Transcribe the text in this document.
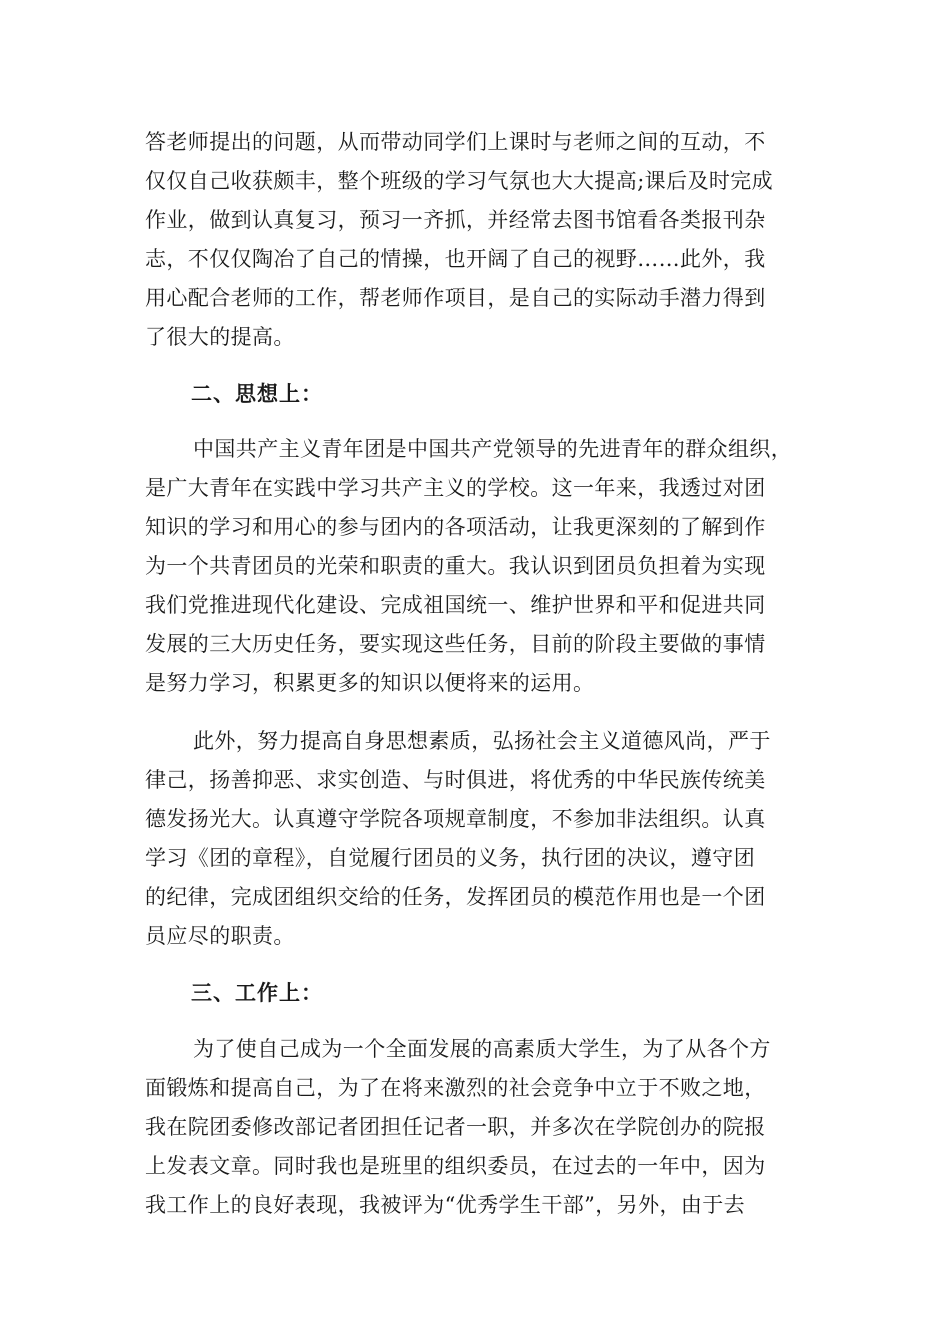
答老师提出的问题，从而带动同学们上课时与老师之间的互动，不
仅仅自己收获颇丰，整个班级的学习气氛也大大提高;课后及时完成
作业，做到认真复习，预习一齐抓，并经常去图书馆看各类报刊杂
志，不仅仅陶冶了自己的情操，也开阔了自己的视野……此外，我
用心配合老师的工作，帮老师作项目，是自己的实际动手潜力得到
了很大的提高。
二、思想上：
中国共产主义青年团是中国共产党领导的先进青年的群众组织，
是广大青年在实践中学习共产主义的学校。这一年来，我透过对团
知识的学习和用心的参与团内的各项活动，让我更深刻的了解到作
为一个共青团员的光荣和职责的重大。我认识到团员负担着为实现
我们党推进现代化建设、完成祖国统一、维护世界和平和促进共同
发展的三大历史任务，要实现这些任务，目前的阶段主要做的事情
是努力学习，积累更多的知识以便将来的运用。
此外，努力提高自身思想素质，弘扬社会主义道德风尚，严于
律己，扬善抑恶、求实创造、与时俱进，将优秀的中华民族传统美
德发扬光大。认真遵守学院各项规章制度，不参加非法组织。认真
学习《团的章程》，自觉履行团员的义务，执行团的决议，遵守团
的纪律，完成团组织交给的任务，发挥团员的模范作用也是一个团
员应尽的职责。
三、工作上：
为了使自己成为一个全面发展的高素质大学生，为了从各个方
面锻炼和提高自己，为了在将来激烈的社会竞争中立于不败之地，
我在院团委修改部记者团担任记者一职，并多次在学院创办的院报
上发表文章。同时我也是班里的组织委员，在过去的一年中，因为
我工作上的良好表现，我被评为“优秀学生干部”，另外，由于去
